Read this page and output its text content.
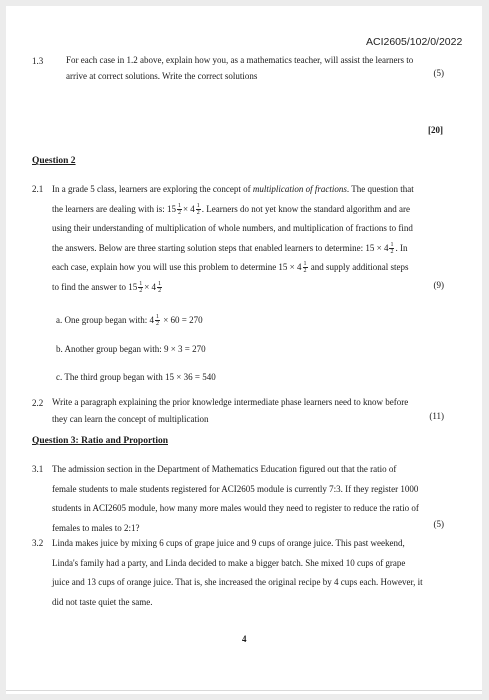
ACI2605/102/0/2022
1.3	For each case in 1.2 above, explain how you, as a mathematics teacher, will assist the learners to
arrive at correct solutions. Write the correct solutions	(5)
[20]
Question 2
2.1 In a grade 5 class, learners are exploring the concept of multiplication of fractions. The question that
the learners are dealing with is: $15 \frac{1}{2} \times 4 \frac{1}{2}$ . Learners do not yet know the standard algorithm and are
using their understanding of multiplication of whole numbers, and multiplication of fractions to find
the answers. Below are three starting solution steps that enabled learners to determine: $15 \times 4 \frac{1}{2}$ . In
each case, explain how you will use this problem to determine $15 \times 4 \frac{1}{2}$ and supply additional steps
to find the answer to $15 \frac{1}{2} \times 4 \frac{1}{2}$	(9)
a. One group began with: $4 \frac{1}{2} \times 60 = 270$
b. Another group began with: 9 × 3 = 270
c. The third group began with 15 × 36 = 540
2.2 Write a paragraph explaining the prior knowledge intermediate phase learners need to know before
they can learn the concept of multiplication	(11)
Question 3: Ratio and Proportion
3.1 The admission section in the Department of Mathematics Education figured out that the ratio of
female students to male students registered for ACI2605 module is currently 7:3. If they register 1000
students in ACI2605 module, how many more males would they need to register to reduce the ratio of
females to males to 2:1?	(5)
3.2 Linda makes juice by mixing 6 cups of grape juice and 9 cups of orange juice. This past weekend,
Linda's family had a party, and Linda decided to make a bigger batch. She mixed 10 cups of grape
juice and 13 cups of orange juice. That is, she increased the original recipe by 4 cups each. However, it
did not taste quiet the same.
4
